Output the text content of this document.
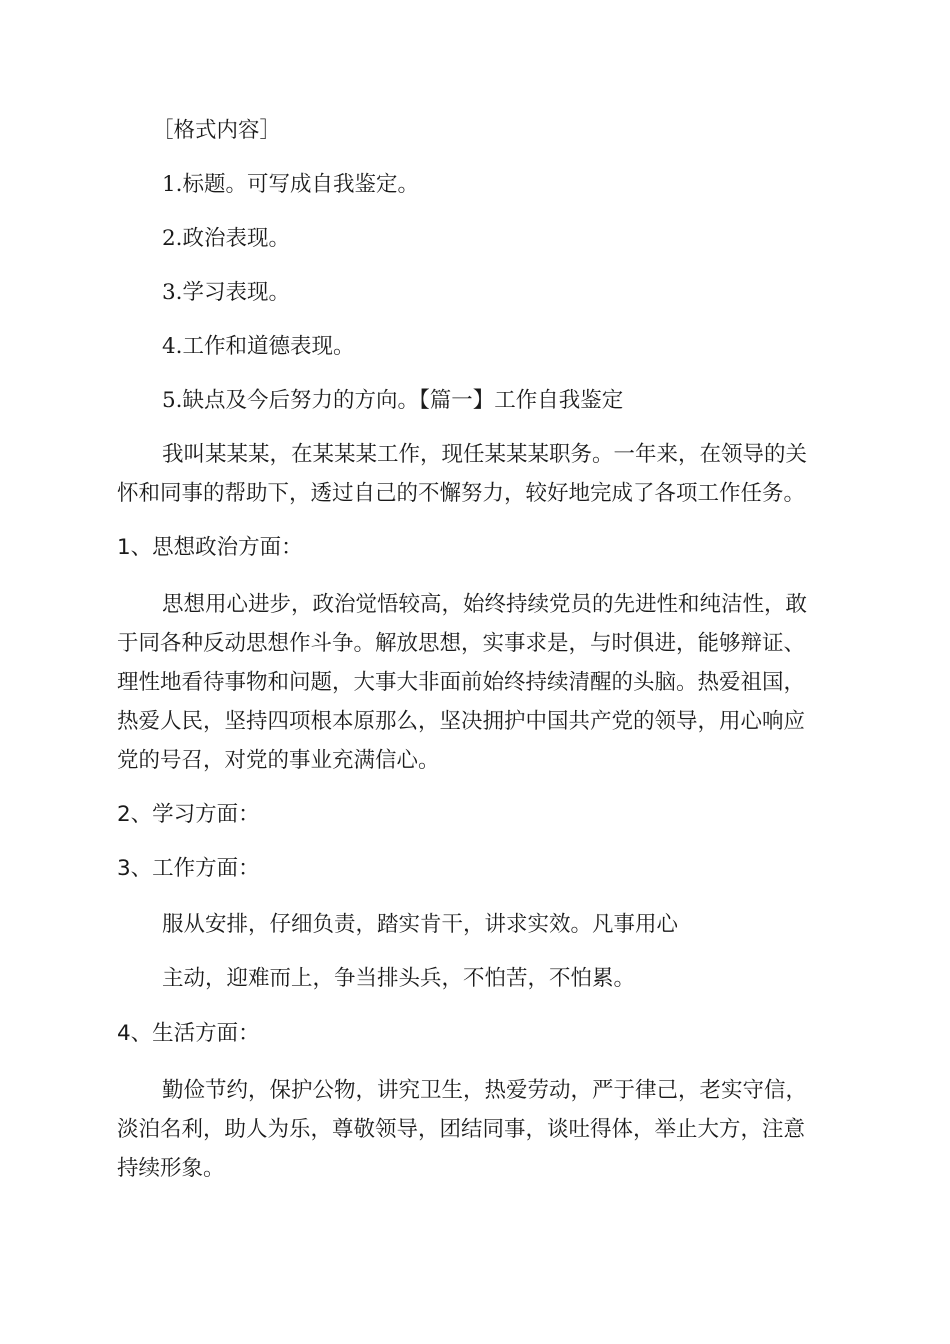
［格式内容］
1.标题。可写成自我鉴定。
2.政治表现。
3.学习表现。
4.工作和道德表现。
5.缺点及今后努力的方向。【篇一】工作自我鉴定
我叫某某某，在某某某工作，现任某某某职务。一年来，在领导的关
怀和同事的帮助下，透过自己的不懈努力，较好地完成了各项工作任务。
1、思想政治方面：
思想用心进步，政治觉悟较高，始终持续党员的先进性和纯洁性，敢
于同各种反动思想作斗争。解放思想，实事求是，与时俱进，能够辩证、
理性地看待事物和问题，大事大非面前始终持续清醒的头脑。热爱祖国，
热爱人民，坚持四项根本原那么，坚决拥护中国共产党的领导，用心响应
党的号召，对党的事业充满信心。
2、学习方面：
3、工作方面：
服从安排，仔细负责，踏实肯干，讲求实效。凡事用心
主动，迎难而上，争当排头兵，不怕苦，不怕累。
4、生活方面：
勤俭节约，保护公物，讲究卫生，热爱劳动，严于律己，老实守信，
淡泊名利，助人为乐，尊敬领导，团结同事，谈吐得体，举止大方，注意
持续形象。
